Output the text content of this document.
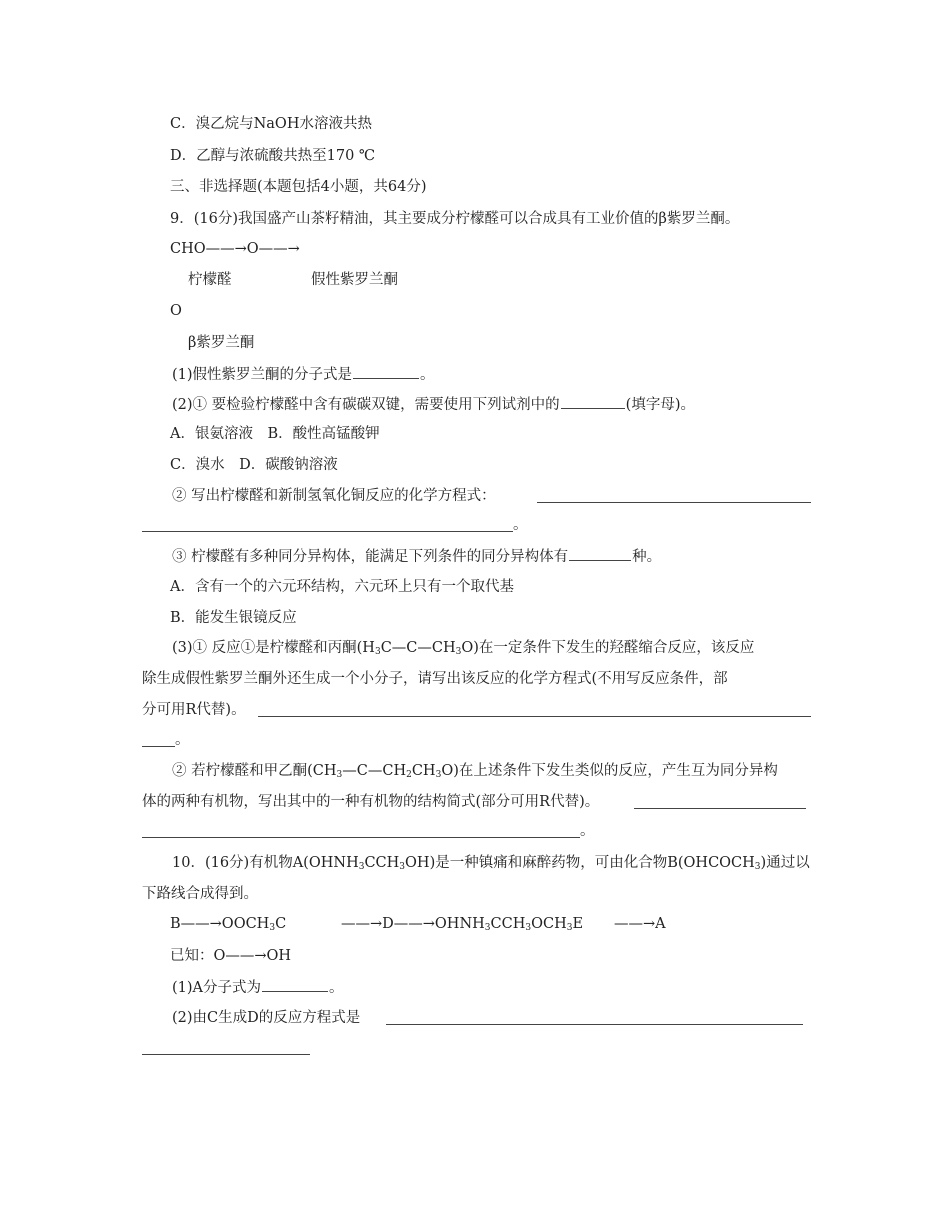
C．溴乙烷与NaOH水溶液共热
D．乙醇与浓硫酸共热至170 ℃
三、非选择题(本题包括4小题，共64分)
9．(16分)我国盛产山茶籽精油，其主要成分柠檬醛可以合成具有工业价值的β紫罗兰酮。
CHO——→O——→
柠檬醛	假性紫罗兰酮
O
β紫罗兰酮
(1)假性紫罗兰酮的分子式是	。
(2)① 要检验柠檬醛中含有碳碳双键，需要使用下列试剂中的	(填字母)。
A．银氨溶液　B．酸性高锰酸钾
C．溴水　D．碳酸钠溶液
② 写出柠檬醛和新制氢氧化铜反应的化学方程式：
。
③ 柠檬醛有多种同分异构体，能满足下列条件的同分异构体有	种。
A．含有一个的六元环结构，六元环上只有一个取代基
B．能发生银镜反应
(3)① 反应①是柠檬醛和丙酮$(H_3C—C—CH_3O)$在一定条件下发生的羟醛缩合反应，该反应
除生成假性紫罗兰酮外还生成一个小分子，请写出该反应的化学方程式(不用写反应条件，部
分可用R代替)。
。
② 若柠檬醛和甲乙酮$(CH_3—C—CH_2CH_3O)$在上述条件下发生类似的反应，产生互为同分异构
体的两种有机物，写出其中的一种有机物的结构简式(部分可用R代替)。
。
10．(16分)有机物$A(OHNH_3CCH_3OH)$是一种镇痛和麻醉药物，可由化合物$B(OHCOCH_3)$通过以
下路线合成得到。
$B——\to OOCH_3C$	$——\to D——\to OHNH_3CCH_3OCH_3E$ ——→A
已知：O——→OH
(1)A分子式为	。
(2)由C生成D的反应方程式是
